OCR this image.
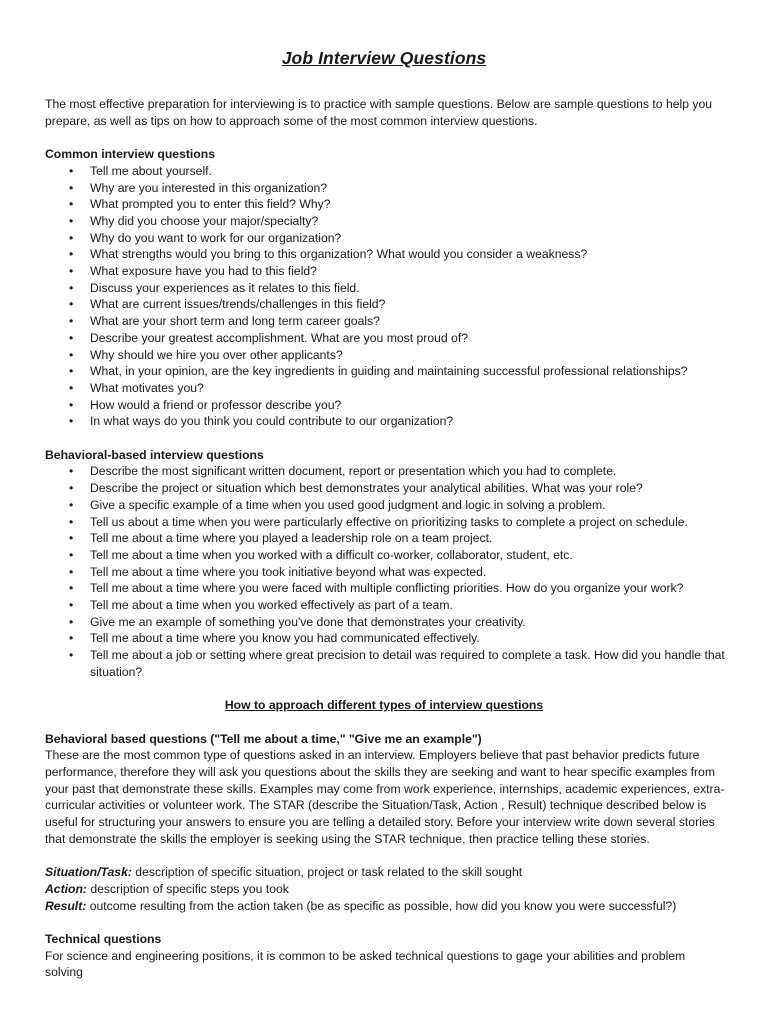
Job Interview Questions

The most effective preparation for interviewing is to practice with sample questions. Below are sample questions to help you prepare, as well as tips on how to approach some of the most common interview questions.

Common interview questions

• Tell me about yourself.
• Why are you interested in this organization?
• What prompted you to enter this field? Why?
• Why did you choose your major/specialty?
• Why do you want to work for our organization?
• What strengths would you bring to this organization? What would you consider a weakness?
• What exposure have you had to this field?
• Discuss your experiences as it relates to this field.
• What are current issues/trends/challenges in this field?
• What are your short term and long term career goals?
• Describe your greatest accomplishment. What are you most proud of?
• Why should we hire you over other applicants?
• What, in your opinion, are the key ingredients in guiding and maintaining successful professional relationships?
• What motivates you?
• How would a friend or professor describe you?
• In what ways do you think you could contribute to our organization?

Behavioral-based interview questions

• Describe the most significant written document, report or presentation which you had to complete.
• Describe the project or situation which best demonstrates your analytical abilities. What was your role?
• Give a specific example of a time when you used good judgment and logic in solving a problem.
• Tell us about a time when you were particularly effective on prioritizing tasks to complete a project on schedule.
• Tell me about a time where you played a leadership role on a team project.
• Tell me about a time when you worked with a difficult co-worker, collaborator, student, etc.
• Tell me about a time where you took initiative beyond what was expected.
• Tell me about a time where you were faced with multiple conflicting priorities. How do you organize your work?
• Tell me about a time when you worked effectively as part of a team.
• Give me an example of something you've done that demonstrates your creativity.
• Tell me about a time where you know you had communicated effectively.
• Tell me about a job or setting where great precision to detail was required to complete a task. How did you handle that situation?

How to approach different types of interview questions

Behavioral based questions ("Tell me about a time," "Give me an example")

These are the most common type of questions asked in an interview. Employers believe that past behavior predicts future performance, therefore they will ask you questions about the skills they are seeking and want to hear specific examples from your past that demonstrate these skills. Examples may come from work experience, internships, academic experiences, extra-curricular activities or volunteer work. The STAR (describe the Situation/Task, Action , Result) technique described below is useful for structuring your answers to ensure you are telling a detailed story. Before your interview write down several stories that demonstrate the skills the employer is seeking using the STAR technique, then practice telling these stories.

Situation/Task: description of specific situation, project or task related to the skill sought

Action: description of specific steps you took

Result: outcome resulting from the action taken (be as specific as possible, how did you know you were successful?)

Technical questions

For science and engineering positions, it is common to be asked technical questions to gage your abilities and problem solving
